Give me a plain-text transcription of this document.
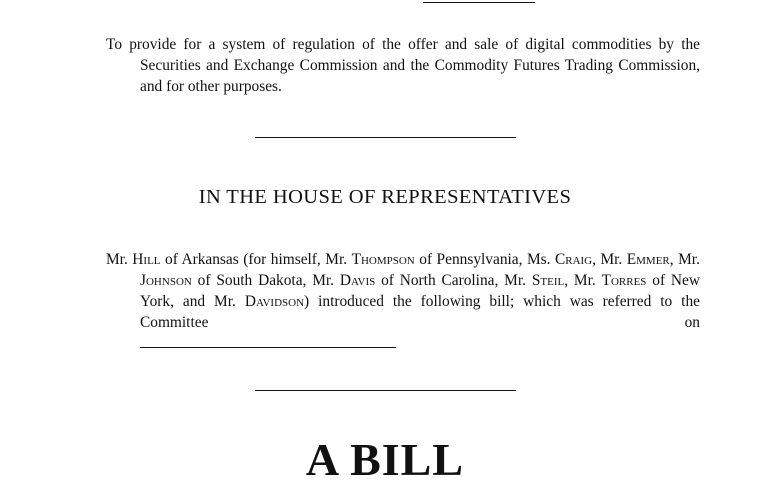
To provide for a system of regulation of the offer and sale of digital commodities by the Securities and Exchange Commission and the Commodity Futures Trading Commission, and for other purposes.
IN THE HOUSE OF REPRESENTATIVES
Mr. Hill of Arkansas (for himself, Mr. Thompson of Pennsylvania, Ms. Craig, Mr. Emmer, Mr. Johnson of South Dakota, Mr. Davis of North Carolina, Mr. Steil, Mr. Torres of New York, and Mr. Davidson) introduced the following bill; which was referred to the Committee on
A BILL
